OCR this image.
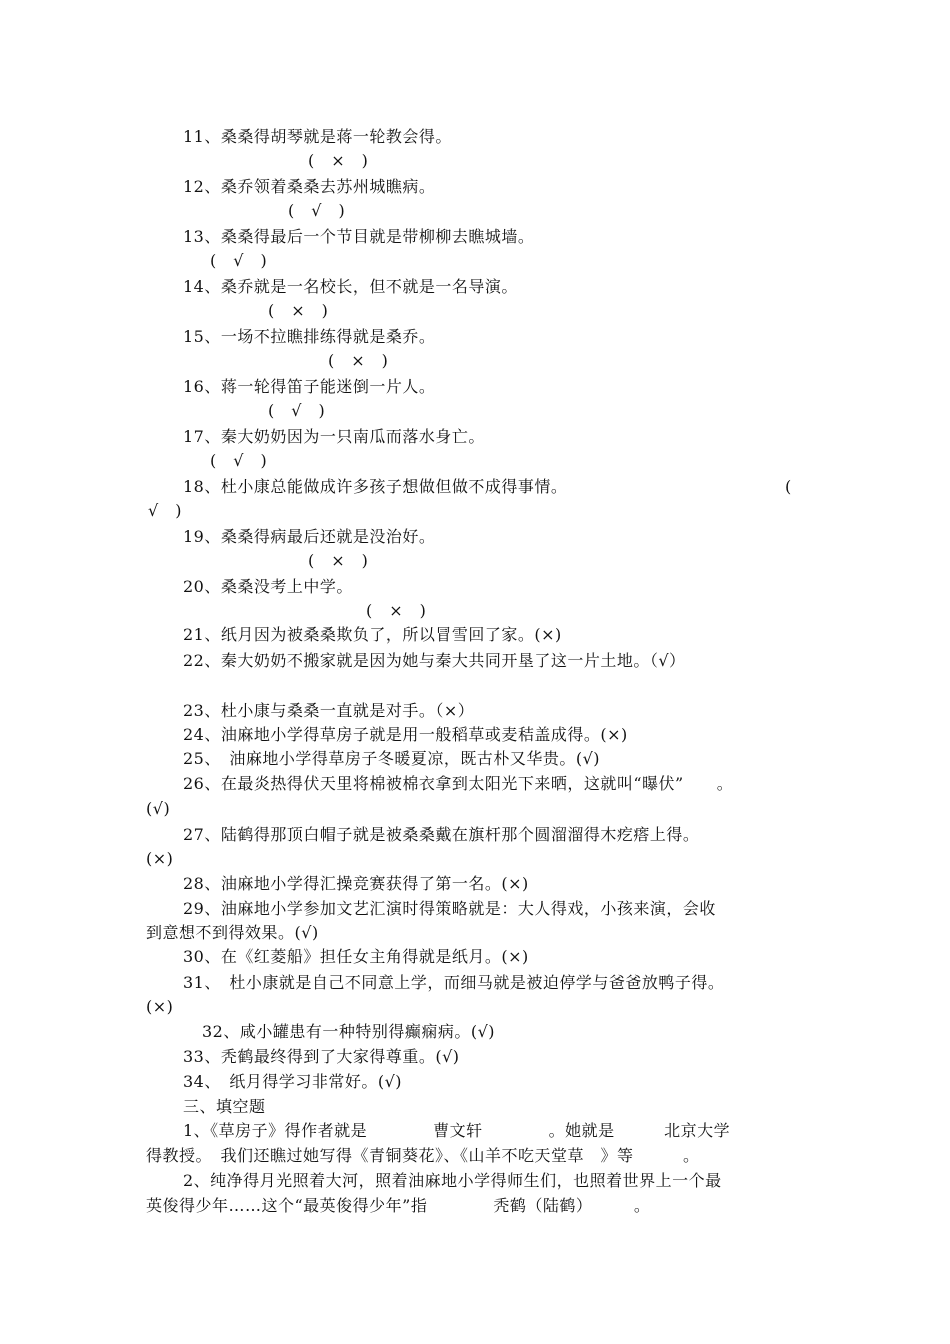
11、桑桑得胡琴就是蒋一轮教会得。
(　×　)
12、桑乔领着桑桑去苏州城瞧病。
(　√　)
13、桑桑得最后一个节目就是带柳柳去瞧城墙。
(　√　)
14、桑乔就是一名校长，但不就是一名导演。
(　×　)
15、一场不拉瞧排练得就是桑乔。
(　×　)
16、蒋一轮得笛子能迷倒一片人。
(　√　)
17、秦大奶奶因为一只南瓜而落水身亡。
(　√　)
18、杜小康总能做成许多孩子想做但做不成得事情。	(
√　)
19、桑桑得病最后还就是没治好。
(　×　)
20、桑桑没考上中学。
(　×　)
21、纸月因为被桑桑欺负了，所以冒雪回了家。(×)
22、秦大奶奶不搬家就是因为她与秦大共同开垦了这一片土地。（√）
23、杜小康与桑桑一直就是对手。（×）
24、油麻地小学得草房子就是用一般稻草或麦秸盖成得。(×)
25、　油麻地小学得草房子冬暖夏凉，既古朴又华贵。(√)
26、在最炎热得伏天里将棉被棉衣拿到太阳光下来晒，这就叫“曝伏”　　。
(√)
27、陆鹤得那顶白帽子就是被桑桑戴在旗杆那个圆溜溜得木疙瘩上得。
(×)
28、油麻地小学得汇操竞赛获得了第一名。(×)
29、油麻地小学参加文艺汇演时得策略就是：大人得戏，小孩来演，会收
到意想不到得效果。(√)
30、在《红菱船》担任女主角得就是纸月。(×)
31、　杜小康就是自己不同意上学，而细马就是被迫停学与爸爸放鸭子得。
(×)
32、咸小罐患有一种特别得癫痫病。(√)
33、秃鹤最终得到了大家得尊重。(√)
34、　纸月得学习非常好。(√)
三、填空题
1、《草房子》得作者就是　　　　曹文轩　　　　。她就是　　　北京大学
得教授。　我们还瞧过她写得《青铜葵花》、《山羊不吃天堂草　》等　　　。
2、纯净得月光照着大河，照着油麻地小学得师生们，也照着世界上一个最
英俊得少年……这个“最英俊得少年”指　　　　秃鹤（陆鹤）　　　。
